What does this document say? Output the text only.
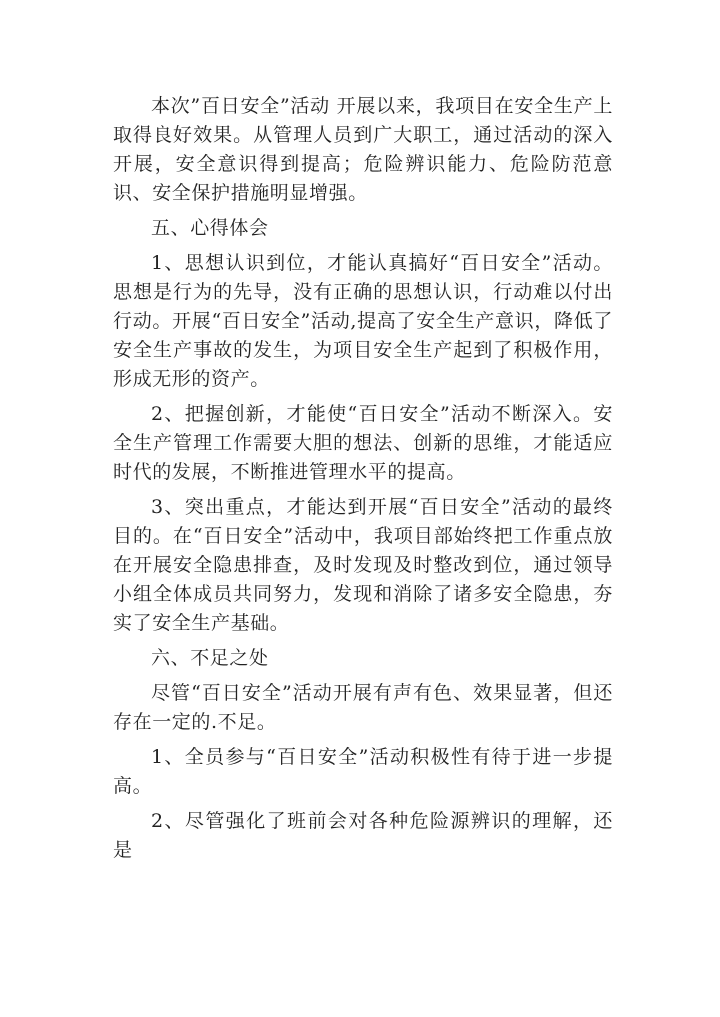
本次”百日安全”活动 开展以来，我项目在安全生产上取得良好效果。从管理人员到广大职工，通过活动的深入开展，安全意识得到提高；危险辨识能力、危险防范意识、安全保护措施明显增强。

五、心得体会

1、思想认识到位，才能认真搞好“百日安全”活动。思想是行为的先导，没有正确的思想认识，行动难以付出行动。开展“百日安全”活动,提高了安全生产意识，降低了安全生产事故的发生，为项目安全生产起到了积极作用，形成无形的资产。

2、把握创新，才能使“百日安全”活动不断深入。安全生产管理工作需要大胆的想法、创新的思维，才能适应时代的发展，不断推进管理水平的提高。

3、突出重点，才能达到开展“百日安全”活动的最终目的。在“百日安全”活动中，我项目部始终把工作重点放在开展安全隐患排查，及时发现及时整改到位，通过领导小组全体成员共同努力，发现和消除了诸多安全隐患，夯实了安全生产基础。

六、不足之处

尽管“百日安全”活动开展有声有色、效果显著，但还存在一定的.不足。

1、全员参与“百日安全”活动积极性有待于进一步提高。

2、尽管强化了班前会对各种危险源辨识的理解，还是
